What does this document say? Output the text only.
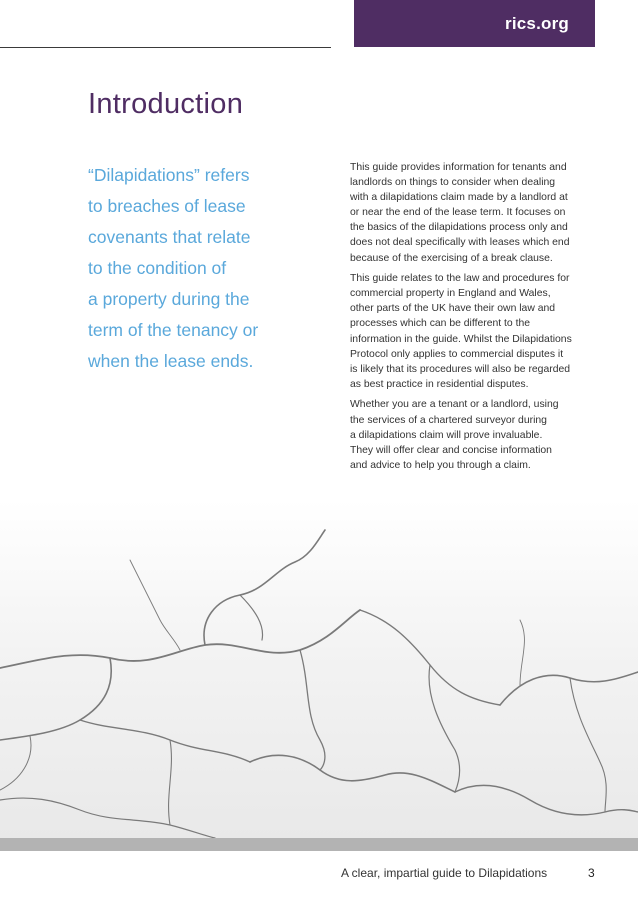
rics.org
Introduction
“Dilapidations” refers
to breaches of lease
covenants that relate
to the condition of
a property during the
term of the tenancy or
when the lease ends.

This guide provides information for tenants and
landlords on things to consider when dealing
with a dilapidations claim made by a landlord at
or near the end of the lease term. It focuses on
the basics of the dilapidations process only and
does not deal specifically with leases which end
because of the exercising of a break clause.

This guide relates to the law and procedures for
commercial property in England and Wales,
other parts of the UK have their own law and
processes which can be different to the
information in the guide. Whilst the Dilapidations
Protocol only applies to commercial disputes it
is likely that its procedures will also be regarded
as best practice in residential disputes.

Whether you are a tenant or a landlord, using
the services of a chartered surveyor during
a dilapidations claim will prove invaluable.
They will offer clear and concise information
and advice to help you through a claim.

A clear, impartial guide to Dilapidations	3
